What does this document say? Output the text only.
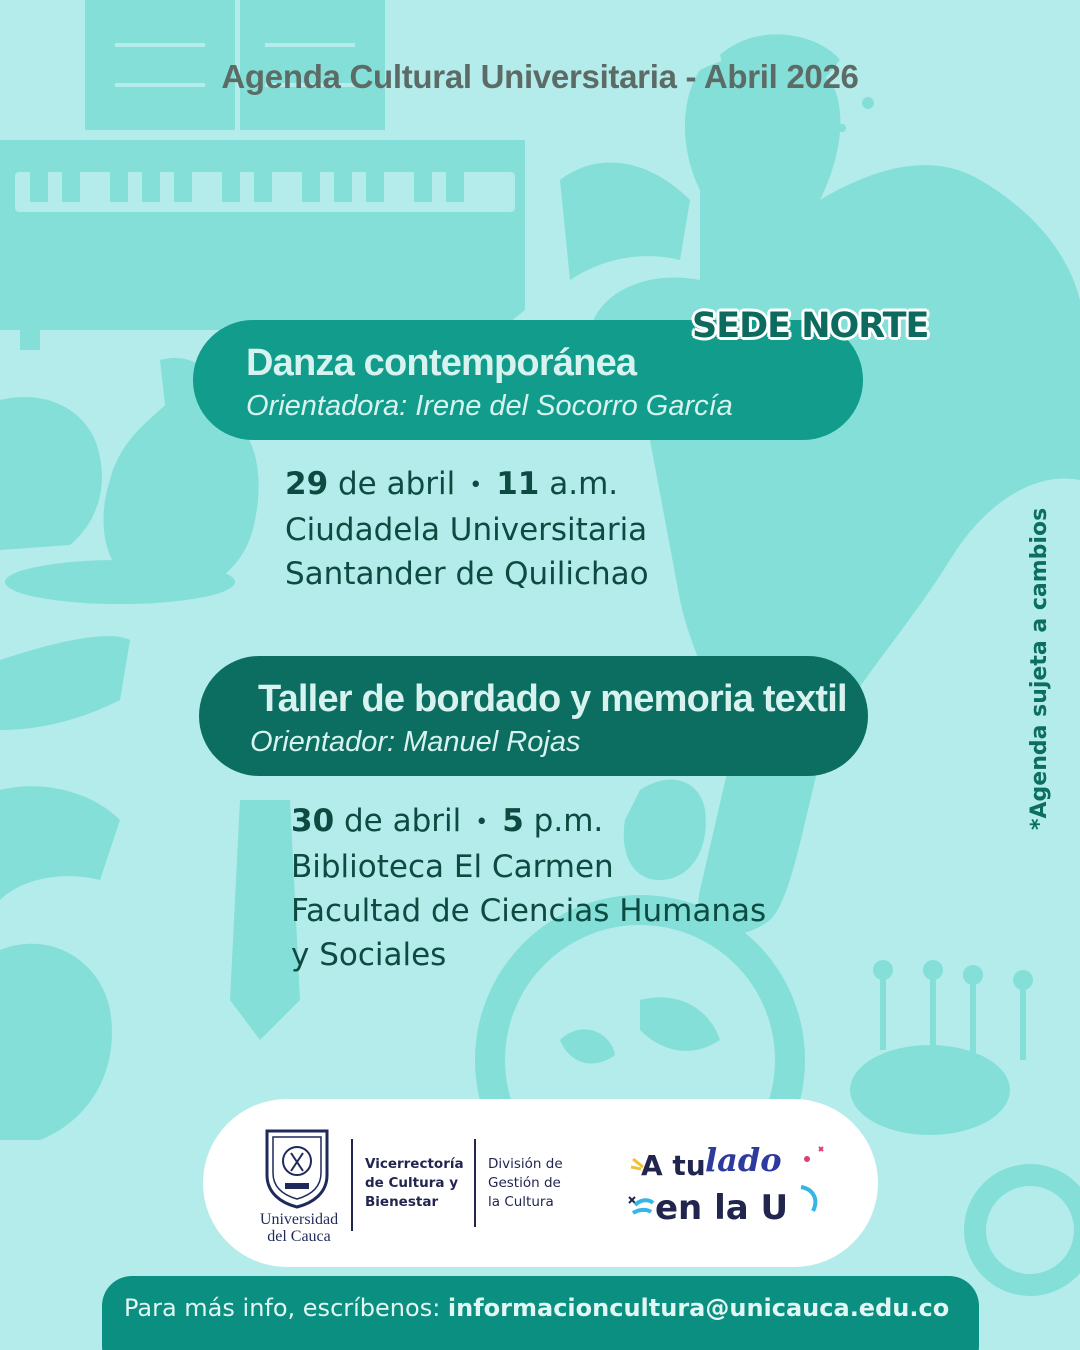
Agenda Cultural Universitaria - Abril 2026
Danza contemporánea
Orientadora: Irene del Socorro García
SEDE NORTE
29 de abril • 11 a.m.
Ciudadela Universitaria
Santander de Quilichao
Taller de bordado y memoria textil
Orientador: Manuel Rojas
30 de abril • 5 p.m.
Biblioteca El Carmen
Facultad de Ciencias Humanas
y Sociales
*Agenda sujeta a cambios
Universidad
del Cauca
Vicerrectoría
de Cultura y
Bienestar
División de
Gestión de
la Cultura
A tu lado
en la U
Para más info, escríbenos: informacioncultura@unicauca.edu.co
